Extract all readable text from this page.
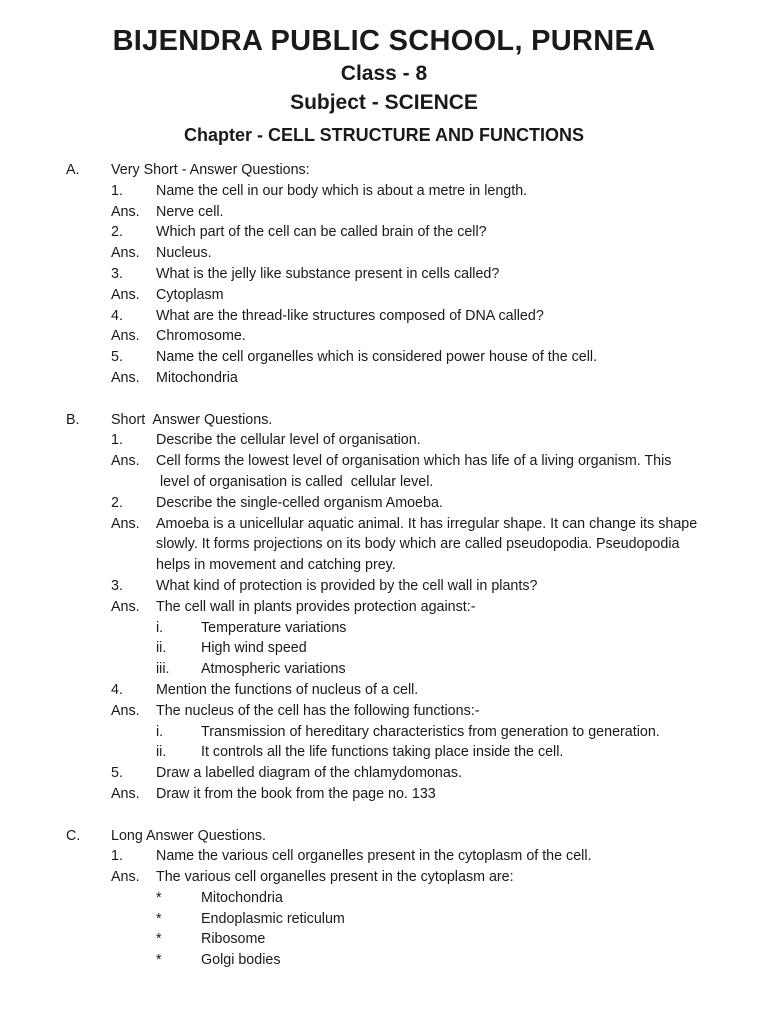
BIJENDRA PUBLIC SCHOOL, PURNEA
Class - 8
Subject - SCIENCE
Chapter - CELL STRUCTURE AND FUNCTIONS
A. Very Short - Answer Questions:
1. Name the cell in our body which is about a metre in length.
Ans. Nerve cell.
2. Which part of the cell can be called brain of the cell?
Ans. Nucleus.
3. What is the jelly like substance present in cells called?
Ans. Cytoplasm
4. What are the thread-like structures composed of DNA called?
Ans. Chromosome.
5. Name the cell organelles which is considered power house of the cell.
Ans. Mitochondria
B. Short  Answer Questions.
1. Describe the cellular level of organisation.
Ans. Cell forms the lowest level of organisation which has life of a living organism. This
level of organisation is called  cellular level.
2. Describe the single-celled organism Amoeba.
Ans. Amoeba is a unicellular aquatic animal. It has irregular shape. It can change its shape
slowly. It forms projections on its body which are called pseudopodia. Pseudopodia
helps in movement and catching prey.
3. What kind of protection is provided by the cell wall in plants?
Ans. The cell wall in plants provides protection against:-
i.	Temperature variations
ii. High wind speed
iii. Atmospheric variations
4. Mention the functions of nucleus of a cell.
Ans. The nucleus of the cell has the following functions:-
i.	Transmission of hereditary characteristics from generation to generation.
ii. It controls all the life functions taking place inside the cell.
5. Draw a labelled diagram of the chlamydomonas.
Ans. Draw it from the book from the page no. 133
C. Long Answer Questions.
1. Name the various cell organelles present in the cytoplasm of the cell.
Ans. The various cell organelles present in the cytoplasm are:
*	Mitochondria
*	Endoplasmic reticulum
*	Ribosome
*	Golgi bodies
